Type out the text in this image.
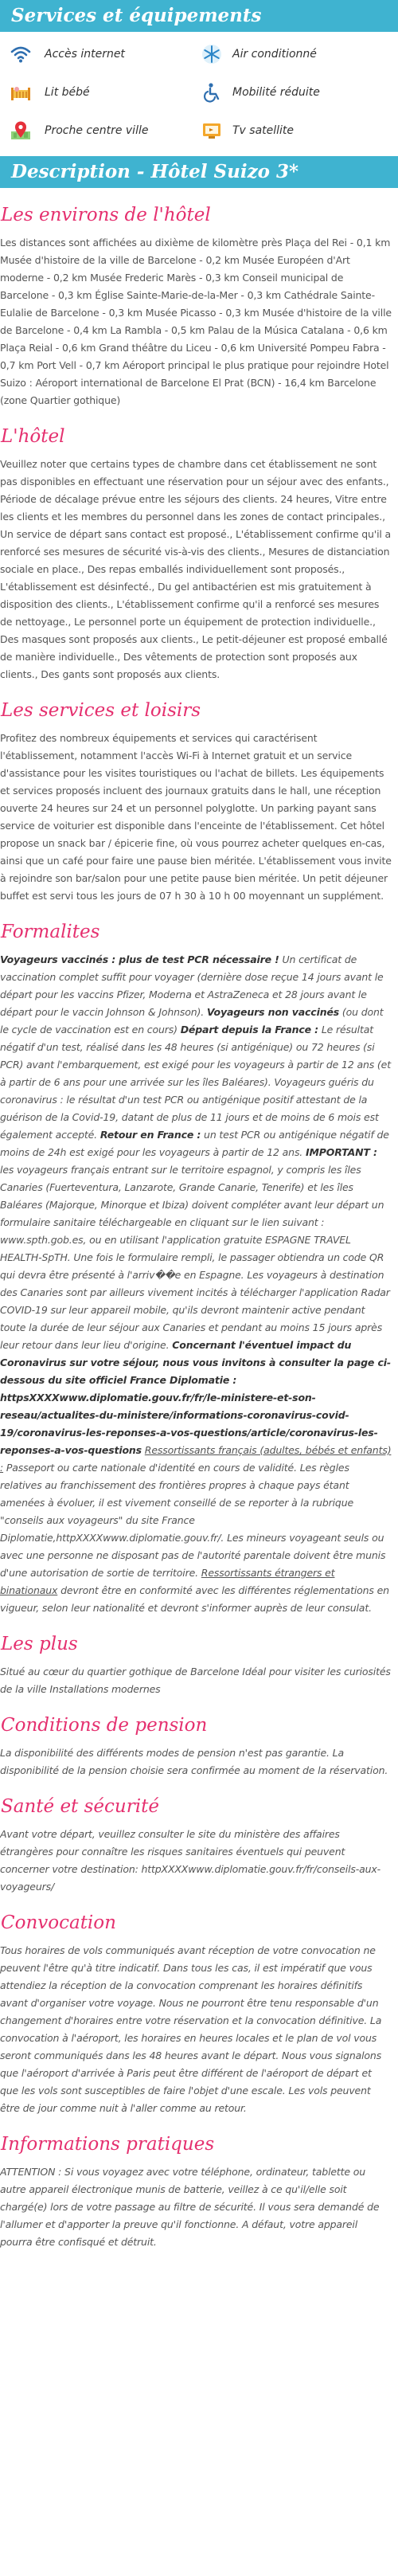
Services et équipements
Accès internet	Air conditionné
Lit bébé	Mobilité réduite
Proche centre ville	Tv satellite
Description - Hôtel Suizo 3*
Les environs de l'hôtel

Les distances sont affichées au dixième de kilomètre près Plaça del Rei - 0,1 km Musée d'histoire de la ville de Barcelone - 0,2 km Musée Européen d'Art moderne - 0,2 km Musée Frederic Marès - 0,3 km Conseil municipal de Barcelone - 0,3 km Église Sainte-Marie-de-la-Mer - 0,3 km Cathédrale Sainte-Eulalie de Barcelone - 0,3 km Musée Picasso - 0,3 km Musée d'histoire de la ville de Barcelone - 0,4 km La Rambla - 0,5 km Palau de la Música Catalana - 0,6 km Plaça Reial - 0,6 km Grand théâtre du Liceu - 0,6 km Université Pompeu Fabra - 0,7 km Port Vell - 0,7 km Aéroport principal le plus pratique pour rejoindre Hotel Suizo : Aéroport international de Barcelone El Prat (BCN) - 16,4 km Barcelone (zone Quartier gothique)

L'hôtel

Veuillez noter que certains types de chambre dans cet établissement ne sont pas disponibles en effectuant une réservation pour un séjour avec des enfants., Période de décalage prévue entre les séjours des clients. 24 heures, Vitre entre les clients et les membres du personnel dans les zones de contact principales., Un service de départ sans contact est proposé., L'établissement confirme qu'il a renforcé ses mesures de sécurité vis-à-vis des clients., Mesures de distanciation sociale en place., Des repas emballés individuellement sont proposés., L'établissement est désinfecté., Du gel antibactérien est mis gratuitement à disposition des clients., L'établissement confirme qu'il a renforcé ses mesures de nettoyage., Le personnel porte un équipement de protection individuelle., Des masques sont proposés aux clients., Le petit-déjeuner est proposé emballé de manière individuelle., Des vêtements de protection sont proposés aux clients., Des gants sont proposés aux clients.

Les services et loisirs

Profitez des nombreux équipements et services qui caractérisent l'établissement, notamment l'accès Wi-Fi à Internet gratuit et un service d'assistance pour les visites touristiques ou l'achat de billets. Les équipements et services proposés incluent des journaux gratuits dans le hall, une réception ouverte 24 heures sur 24 et un personnel polyglotte. Un parking payant sans service de voiturier est disponible dans l'enceinte de l'établissement. Cet hôtel propose un snack bar / épicerie fine, où vous pourrez acheter quelques en-cas, ainsi que un café pour faire une pause bien méritée. L'établissement vous invite à rejoindre son bar/salon pour une petite pause bien méritée. Un petit déjeuner buffet est servi tous les jours de 07 h 30 à 10 h 00 moyennant un supplément.

Formalites

Voyageurs vaccinés : plus de test PCR nécessaire ! Un certificat de vaccination complet suffit pour voyager (dernière dose reçue 14 jours avant le départ pour les vaccins Pfizer, Moderna et AstraZeneca et 28 jours avant le départ pour le vaccin Johnson & Johnson). Voyageurs non vaccinés (ou dont le cycle de vaccination est en cours) Départ depuis la France : Le résultat négatif d'un test, réalisé dans les 48 heures (si antigénique) ou 72 heures (si PCR) avant l'embarquement, est exigé pour les voyageurs à partir de 12 ans (et à partir de 6 ans pour une arrivée sur les îles Baléares). Voyageurs guéris du coronavirus : le résultat d'un test PCR ou antigénique positif attestant de la guérison de la Covid-19, datant de plus de 11 jours et de moins de 6 mois est également accepté. Retour en France : un test PCR ou antigénique négatif de moins de 24h est exigé pour les voyageurs à partir de 12 ans. IMPORTANT : les voyageurs français entrant sur le territoire espagnol, y compris les îles Canaries (Fuerteventura, Lanzarote, Grande Canarie, Tenerife) et les îles Baléares (Majorque, Minorque et Ibiza) doivent compléter avant leur départ un formulaire sanitaire téléchargeable en cliquant sur le lien suivant : www.spth.gob.es, ou en utilisant l'application gratuite ESPAGNE TRAVEL HEALTH-SpTH. Une fois le formulaire rempli, le passager obtiendra un code QR qui devra être présenté à l'arriv��e en Espagne. Les voyageurs à destination des Canaries sont par ailleurs vivement incités à télécharger l'application Radar COVID-19 sur leur appareil mobile, qu'ils devront maintenir active pendant toute la durée de leur séjour aux Canaries et pendant au moins 15 jours après leur retour dans leur lieu d'origine. Concernant l'éventuel impact du Coronavirus sur votre séjour, nous vous invitons à consulter la page ci-dessous du site officiel France Diplomatie : httpsXXXXwww.diplomatie.gouv.fr/fr/le-ministere-et-son-reseau/actualites-du-ministere/informations-coronavirus-covid-19/coronavirus-les-reponses-a-vos-questions/article/coronavirus-les-reponses-a-vos-questions Ressortissants français (adultes, bébés et enfants) : Passeport ou carte nationale d'identité en cours de validité. Les règles relatives au franchissement des frontières propres à chaque pays étant amenées à évoluer, il est vivement conseillé de se reporter à la rubrique "conseils aux voyageurs" du site France Diplomatie,httpXXXXwww.diplomatie.gouv.fr/. Les mineurs voyageant seuls ou avec une personne ne disposant pas de l'autorité parentale doivent être munis d'une autorisation de sortie de territoire. Ressortissants étrangers et binationaux devront être en conformité avec les différentes réglementations en vigueur, selon leur nationalité et devront s'informer auprès de leur consulat.

Les plus

Situé au cœur du quartier gothique de Barcelone Idéal pour visiter les curiosités de la ville Installations modernes

Conditions de pension

La disponibilité des différents modes de pension n'est pas garantie. La disponibilité de la pension choisie sera confirmée au moment de la réservation.

Santé et sécurité

Avant votre départ, veuillez consulter le site du ministère des affaires étrangères pour connaître les risques sanitaires éventuels qui peuvent concerner votre destination: httpXXXXwww.diplomatie.gouv.fr/fr/conseils-aux-voyageurs/

Convocation

Tous horaires de vols communiqués avant réception de votre convocation ne peuvent l'être qu'à titre indicatif. Dans tous les cas, il est impératif que vous attendiez la réception de la convocation comprenant les horaires définitifs avant d'organiser votre voyage. Nous ne pourront être tenu responsable d'un changement d'horaires entre votre réservation et la convocation définitive. La convocation à l'aéroport, les horaires en heures locales et le plan de vol vous seront communiqués dans les 48 heures avant le départ. Nous vous signalons que l'aéroport d'arrivée à Paris peut être différent de l'aéroport de départ et que les vols sont susceptibles de faire l'objet d'une escale. Les vols peuvent être de jour comme nuit à l'aller comme au retour.

Informations pratiques

ATTENTION : Si vous voyagez avec votre téléphone, ordinateur, tablette ou autre appareil électronique munis de batterie, veillez à ce qu'il/elle soit chargé(e) lors de votre passage au filtre de sécurité. Il vous sera demandé de l'allumer et d'apporter la preuve qu'il fonctionne. A défaut, votre appareil pourra être confisqué et détruit.
